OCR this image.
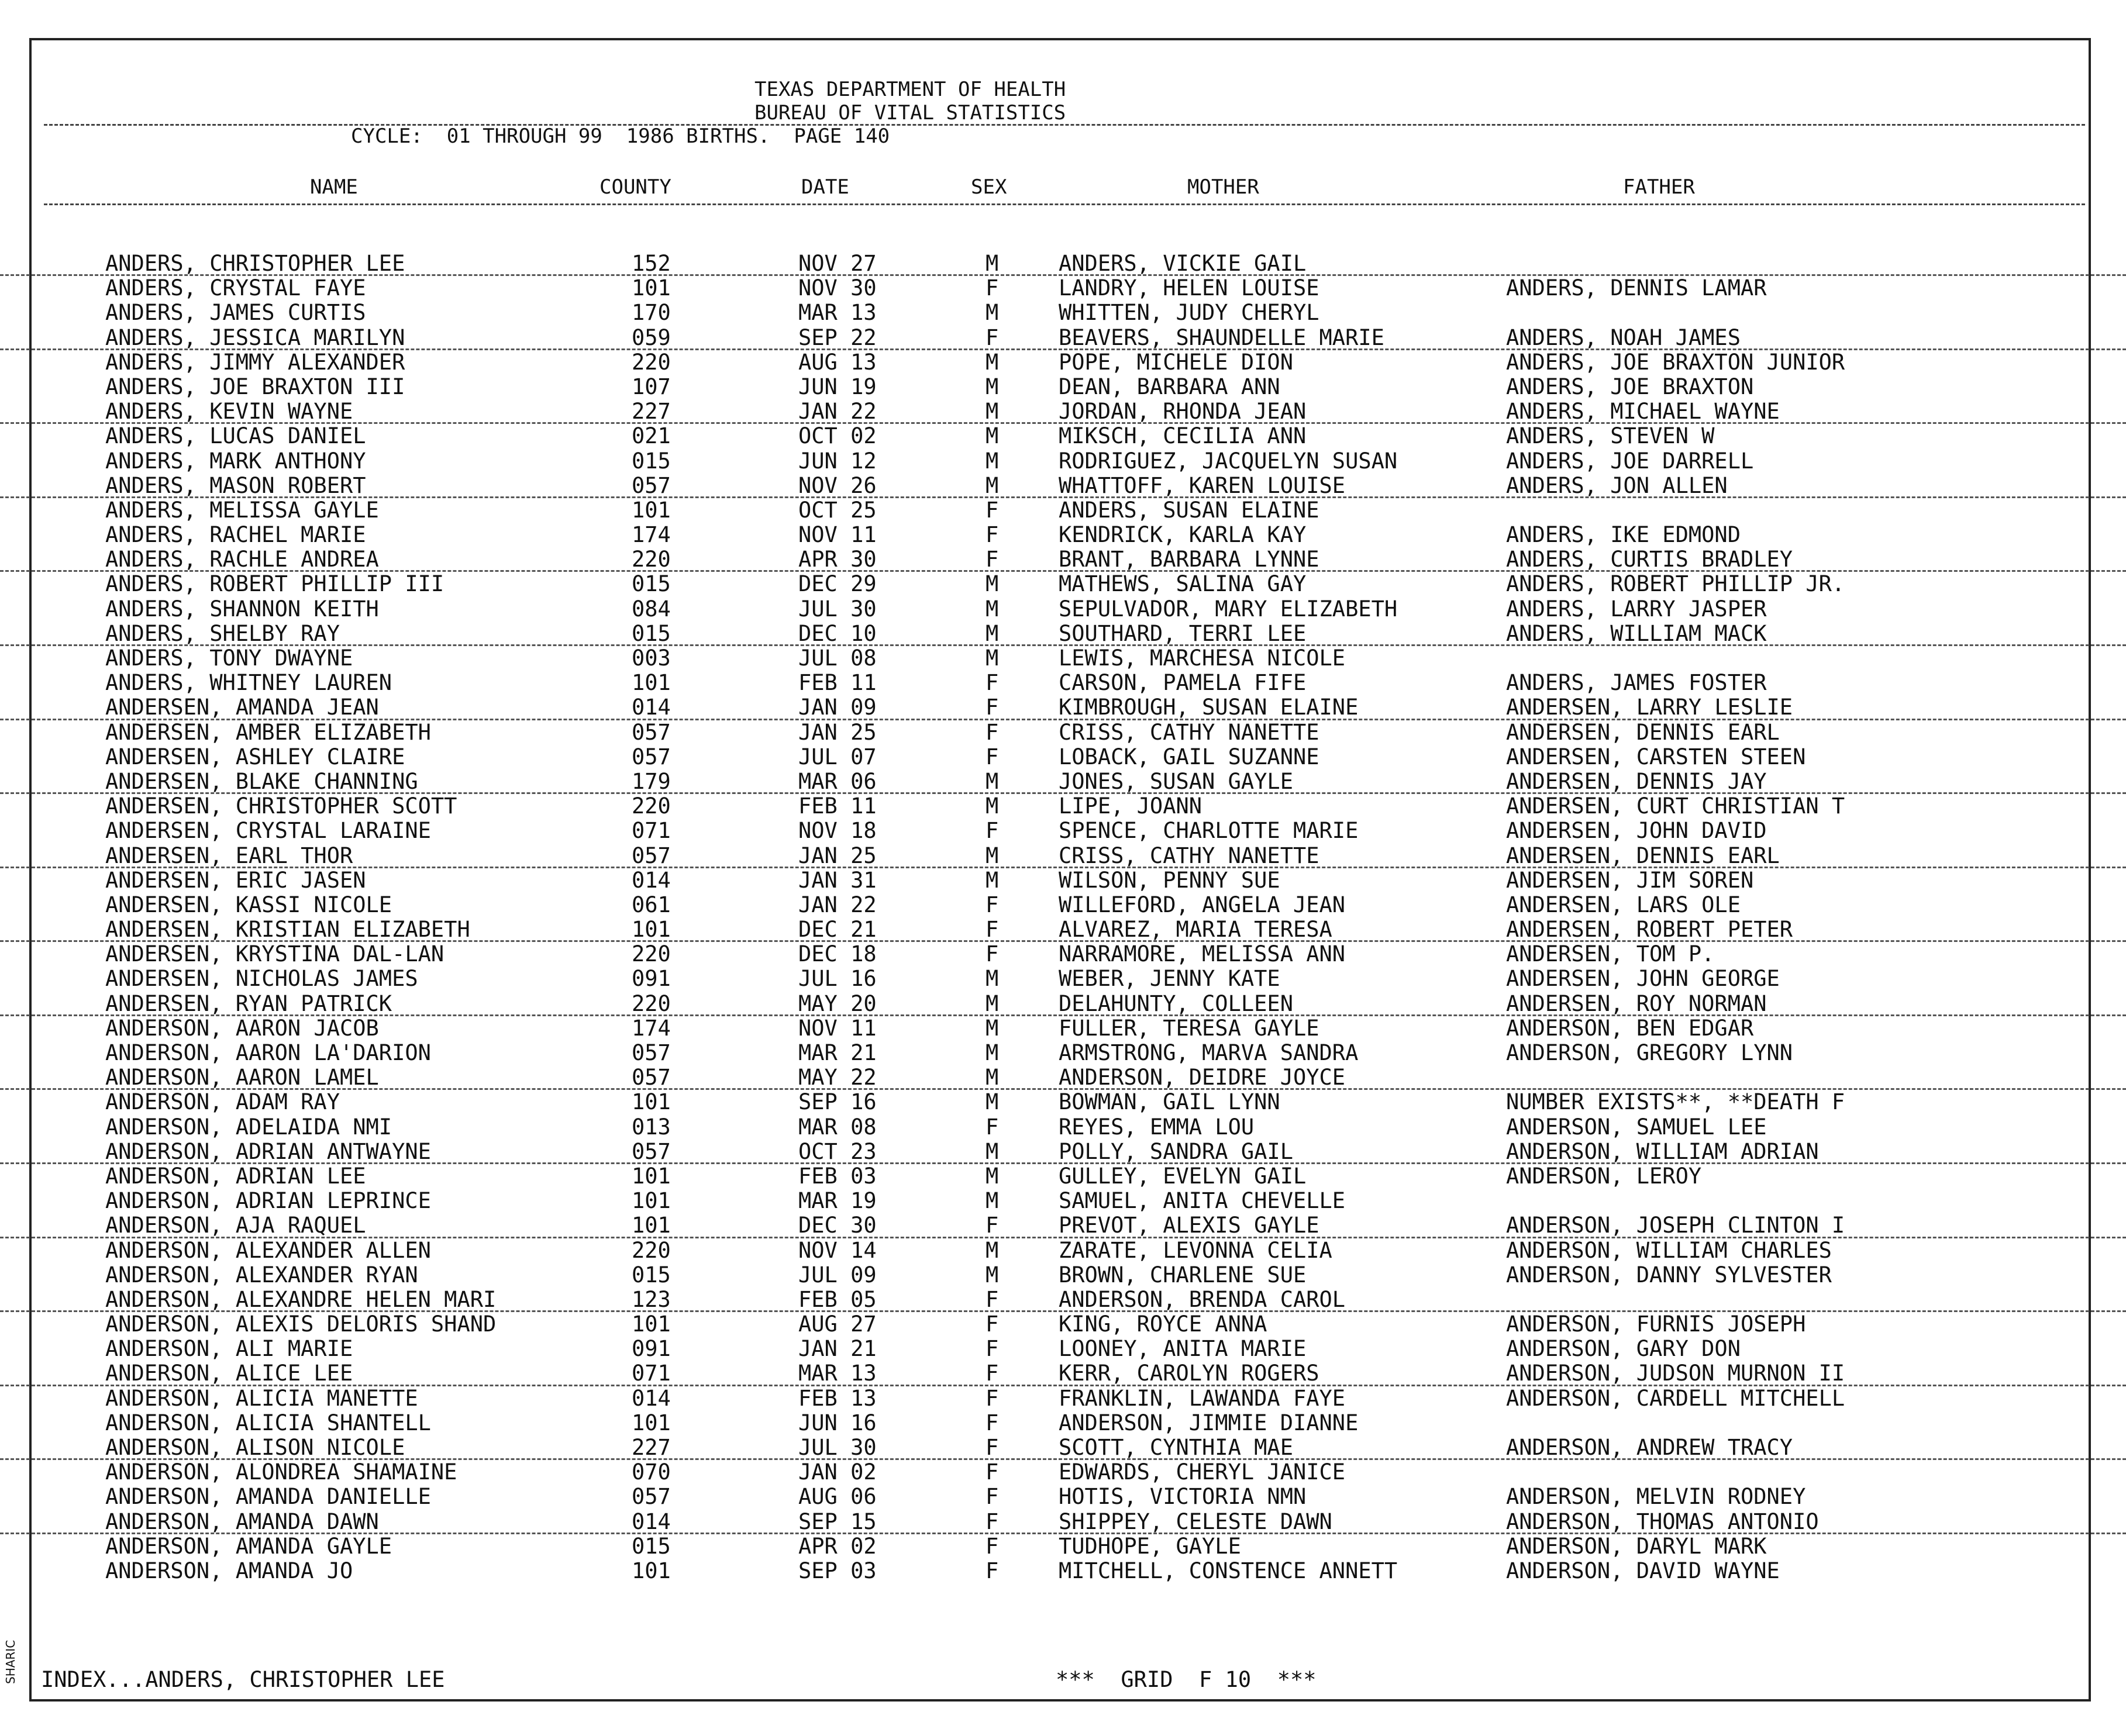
SHARIC
TEXAS DEPARTMENT OF HEALTH
BUREAU OF VITAL STATISTICS
CYCLE:  01 THROUGH 99  1986 BIRTHS.  PAGE 140
NAME	COUNTY	DATE	SEX	MOTHER	FATHER
ANDERS, CHRISTOPHER LEE	152	NOV 27	M	ANDERS, VICKIE GAIL
ANDERS, CRYSTAL FAYE	101	NOV 30	F	LANDRY, HELEN LOUISE	ANDERS, DENNIS LAMAR
ANDERS, JAMES CURTIS	170	MAR 13	M	WHITTEN, JUDY CHERYL
ANDERS, JESSICA MARILYN	059	SEP 22	F	BEAVERS, SHAUNDELLE MARIE	ANDERS, NOAH JAMES
ANDERS, JIMMY ALEXANDER	220	AUG 13	M	POPE, MICHELE DION	ANDERS, JOE BRAXTON JUNIOR
ANDERS, JOE BRAXTON III	107	JUN 19	M	DEAN, BARBARA ANN	ANDERS, JOE BRAXTON
ANDERS, KEVIN WAYNE	227	JAN 22	M	JORDAN, RHONDA JEAN	ANDERS, MICHAEL WAYNE
ANDERS, LUCAS DANIEL	021	OCT 02	M	MIKSCH, CECILIA ANN	ANDERS, STEVEN W
ANDERS, MARK ANTHONY	015	JUN 12	M	RODRIGUEZ, JACQUELYN SUSAN	ANDERS, JOE DARRELL
ANDERS, MASON ROBERT	057	NOV 26	M	WHATTOFF, KAREN LOUISE	ANDERS, JON ALLEN
ANDERS, MELISSA GAYLE	101	OCT 25	F	ANDERS, SUSAN ELAINE
ANDERS, RACHEL MARIE	174	NOV 11	F	KENDRICK, KARLA KAY	ANDERS, IKE EDMOND
ANDERS, RACHLE ANDREA	220	APR 30	F	BRANT, BARBARA LYNNE	ANDERS, CURTIS BRADLEY
ANDERS, ROBERT PHILLIP III	015	DEC 29	M	MATHEWS, SALINA GAY	ANDERS, ROBERT PHILLIP JR.
ANDERS, SHANNON KEITH	084	JUL 30	M	SEPULVADOR, MARY ELIZABETH	ANDERS, LARRY JASPER
ANDERS, SHELBY RAY	015	DEC 10	M	SOUTHARD, TERRI LEE	ANDERS, WILLIAM MACK
ANDERS, TONY DWAYNE	003	JUL 08	M	LEWIS, MARCHESA NICOLE
ANDERS, WHITNEY LAUREN	101	FEB 11	F	CARSON, PAMELA FIFE	ANDERS, JAMES FOSTER
ANDERSEN, AMANDA JEAN	014	JAN 09	F	KIMBROUGH, SUSAN ELAINE	ANDERSEN, LARRY LESLIE
ANDERSEN, AMBER ELIZABETH	057	JAN 25	F	CRISS, CATHY NANETTE	ANDERSEN, DENNIS EARL
ANDERSEN, ASHLEY CLAIRE	057	JUL 07	F	LOBACK, GAIL SUZANNE	ANDERSEN, CARSTEN STEEN
ANDERSEN, BLAKE CHANNING	179	MAR 06	M	JONES, SUSAN GAYLE	ANDERSEN, DENNIS JAY
ANDERSEN, CHRISTOPHER SCOTT	220	FEB 11	M	LIPE, JOANN	ANDERSEN, CURT CHRISTIAN T
ANDERSEN, CRYSTAL LARAINE	071	NOV 18	F	SPENCE, CHARLOTTE MARIE	ANDERSEN, JOHN DAVID
ANDERSEN, EARL THOR	057	JAN 25	M	CRISS, CATHY NANETTE	ANDERSEN, DENNIS EARL
ANDERSEN, ERIC JASEN	014	JAN 31	M	WILSON, PENNY SUE	ANDERSEN, JIM SOREN
ANDERSEN, KASSI NICOLE	061	JAN 22	F	WILLEFORD, ANGELA JEAN	ANDERSEN, LARS OLE
ANDERSEN, KRISTIAN ELIZABETH	101	DEC 21	F	ALVAREZ, MARIA TERESA	ANDERSEN, ROBERT PETER
ANDERSEN, KRYSTINA DAL-LAN	220	DEC 18	F	NARRAMORE, MELISSA ANN	ANDERSEN, TOM P.
ANDERSEN, NICHOLAS JAMES	091	JUL 16	M	WEBER, JENNY KATE	ANDERSEN, JOHN GEORGE
ANDERSEN, RYAN PATRICK	220	MAY 20	M	DELAHUNTY, COLLEEN	ANDERSEN, ROY NORMAN
ANDERSON, AARON JACOB	174	NOV 11	M	FULLER, TERESA GAYLE	ANDERSON, BEN EDGAR
ANDERSON, AARON LA'DARION	057	MAR 21	M	ARMSTRONG, MARVA SANDRA	ANDERSON, GREGORY LYNN
ANDERSON, AARON LAMEL	057	MAY 22	M	ANDERSON, DEIDRE JOYCE
ANDERSON, ADAM RAY	101	SEP 16	M	BOWMAN, GAIL LYNN	NUMBER EXISTS**, **DEATH F
ANDERSON, ADELAIDA NMI	013	MAR 08	F	REYES, EMMA LOU	ANDERSON, SAMUEL LEE
ANDERSON, ADRIAN ANTWAYNE	057	OCT 23	M	POLLY, SANDRA GAIL	ANDERSON, WILLIAM ADRIAN
ANDERSON, ADRIAN LEE	101	FEB 03	M	GULLEY, EVELYN GAIL	ANDERSON, LEROY
ANDERSON, ADRIAN LEPRINCE	101	MAR 19	M	SAMUEL, ANITA CHEVELLE
ANDERSON, AJA RAQUEL	101	DEC 30	F	PREVOT, ALEXIS GAYLE	ANDERSON, JOSEPH CLINTON I
ANDERSON, ALEXANDER ALLEN	220	NOV 14	M	ZARATE, LEVONNA CELIA	ANDERSON, WILLIAM CHARLES
ANDERSON, ALEXANDER RYAN	015	JUL 09	M	BROWN, CHARLENE SUE	ANDERSON, DANNY SYLVESTER
ANDERSON, ALEXANDRE HELEN MARI	123	FEB 05	F	ANDERSON, BRENDA CAROL
ANDERSON, ALEXIS DELORIS SHAND	101	AUG 27	F	KING, ROYCE ANNA	ANDERSON, FURNIS JOSEPH
ANDERSON, ALI MARIE	091	JAN 21	F	LOONEY, ANITA MARIE	ANDERSON, GARY DON
ANDERSON, ALICE LEE	071	MAR 13	F	KERR, CAROLYN ROGERS	ANDERSON, JUDSON MURNON II
ANDERSON, ALICIA MANETTE	014	FEB 13	F	FRANKLIN, LAWANDA FAYE	ANDERSON, CARDELL MITCHELL
ANDERSON, ALICIA SHANTELL	101	JUN 16	F	ANDERSON, JIMMIE DIANNE
ANDERSON, ALISON NICOLE	227	JUL 30	F	SCOTT, CYNTHIA MAE	ANDERSON, ANDREW TRACY
ANDERSON, ALONDREA SHAMAINE	070	JAN 02	F	EDWARDS, CHERYL JANICE
ANDERSON, AMANDA DANIELLE	057	AUG 06	F	HOTIS, VICTORIA NMN	ANDERSON, MELVIN RODNEY
ANDERSON, AMANDA DAWN	014	SEP 15	F	SHIPPEY, CELESTE DAWN	ANDERSON, THOMAS ANTONIO
ANDERSON, AMANDA GAYLE	015	APR 02	F	TUDHOPE, GAYLE	ANDERSON, DARYL MARK
ANDERSON, AMANDA JO	101	SEP 03	F	MITCHELL, CONSTENCE ANNETT	ANDERSON, DAVID WAYNE
INDEX...ANDERS, CHRISTOPHER LEE	***  GRID  F 10  ***
